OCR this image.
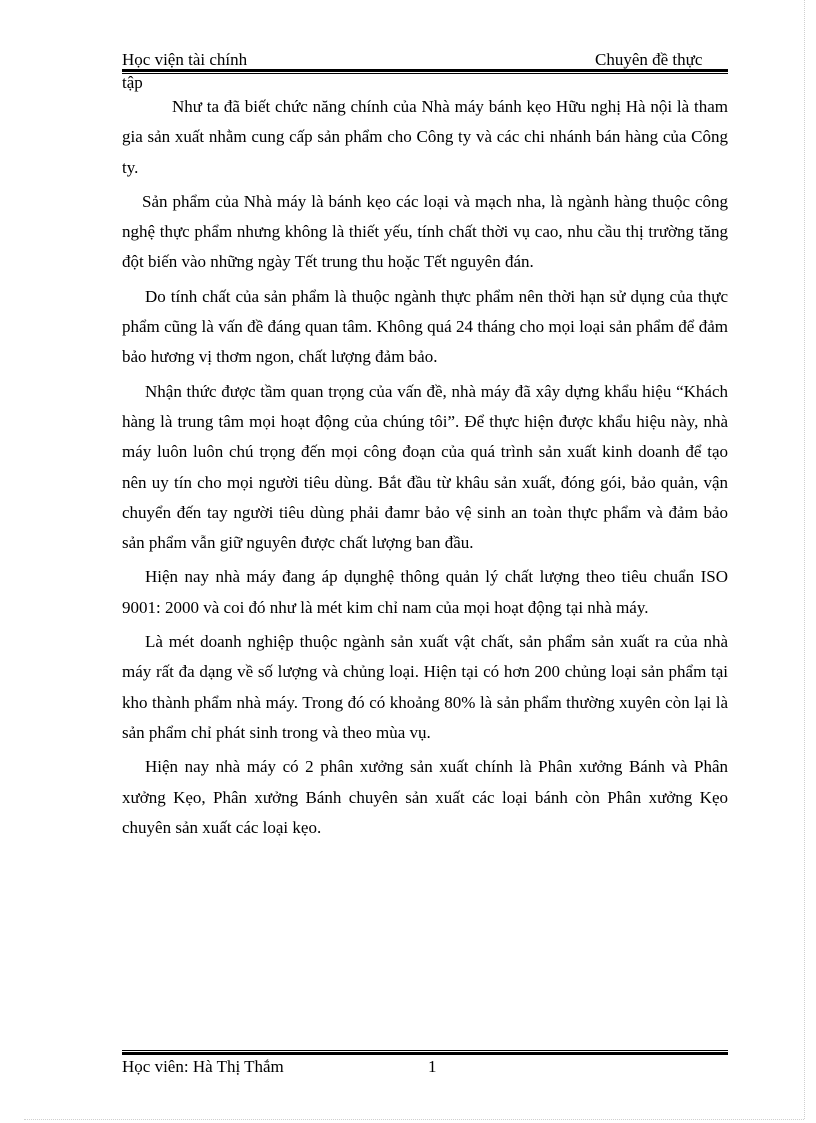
Học viện tài chính	Chuyên đề thực
tập

Như ta đã biết chức năng chính của Nhà máy bánh kẹo Hữu nghị Hà nội là tham gia sản xuất nhằm cung cấp sản phẩm cho Công ty và các chi nhánh bán hàng của Công ty.

Sản phẩm của Nhà máy là bánh kẹo các loại và mạch nha, là ngành hàng thuộc công nghệ thực phẩm nhưng không là thiết yếu, tính chất thời vụ cao, nhu cầu thị trường tăng đột biến vào những ngày Tết trung thu hoặc Tết nguyên đán.

Do tính chất của sản phẩm là thuộc ngành thực phẩm nên thời hạn sử dụng của thực phẩm cũng là vấn đề đáng quan tâm. Không quá 24 tháng cho mọi loại sản phẩm để đảm bảo hương vị thơm ngon, chất lượng đảm bảo.

Nhận thức được tầm quan trọng của vấn đề, nhà máy đã xây dựng khẩu hiệu “Khách hàng là trung tâm mọi hoạt động của chúng tôi”. Để thực hiện được khẩu hiệu này, nhà máy luôn luôn chú trọng đến mọi công đoạn của quá trình sản xuất kinh doanh để tạo nên uy tín cho mọi người tiêu dùng. Bắt đầu từ khâu sản xuất, đóng gói, bảo quản, vận chuyển đến tay người tiêu dùng phải đamr bảo vệ sinh an toàn thực phẩm và đảm bảo sản phẩm vẫn giữ nguyên được chất lượng ban đầu.

Hiện nay nhà máy đang áp dụnghệ thông quản lý chất lượng theo tiêu chuẩn ISO 9001: 2000 và coi đó như là mét kim chỉ nam của mọi hoạt động tại nhà máy.

Là mét doanh nghiệp thuộc ngành sản xuất vật chất, sản phẩm sản xuất ra của nhà máy rất đa dạng về số lượng và chủng loại. Hiện tại có hơn 200 chủng loại sản phẩm tại kho thành phẩm nhà máy. Trong đó có khoảng 80% là sản phẩm thường xuyên còn lại là sản phẩm chỉ phát sinh trong và theo mùa vụ.

Hiện nay nhà máy có 2 phân xưởng sản xuất chính là Phân xưởng Bánh và Phân xưởng Kẹo, Phân xưởng Bánh chuyên sản xuất các loại bánh còn Phân xưởng Kẹo chuyên sản xuất các loại kẹo.

Học viên: Hà Thị Thắm	1
